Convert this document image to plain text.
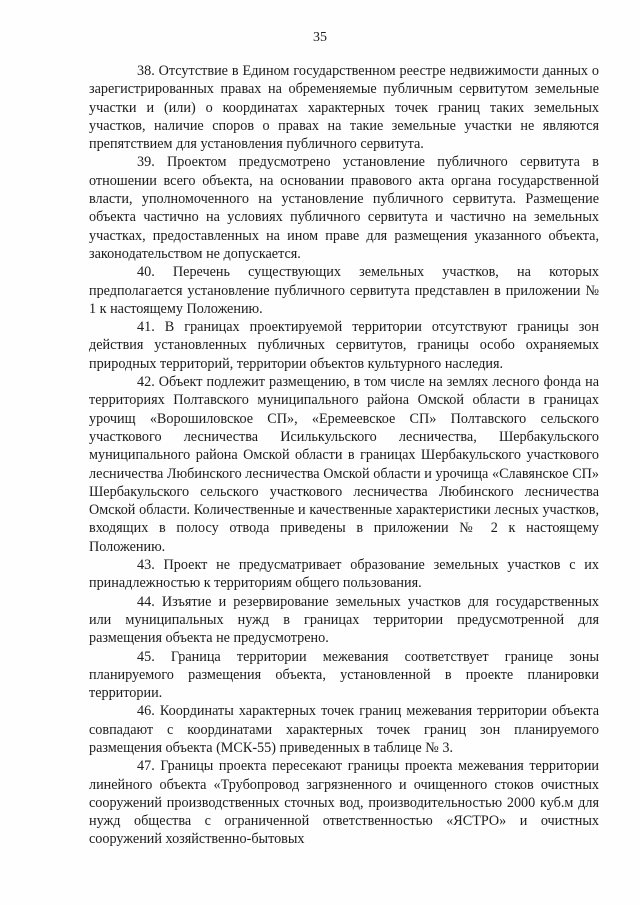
35

38. Отсутствие в Едином государственном реестре недвижимости данных о зарегистрированных правах на обременяемые публичным сервитутом земельные участки и (или) о координатах характерных точек границ таких земельных участков, наличие споров о правах на такие земельные участки не являются препятствием для установления публичного сервитута.

39. Проектом предусмотрено установление публичного сервитута в отношении всего объекта, на основании правового акта органа государственной власти, уполномоченного на установление публичного сервитута. Размещение объекта частично на условиях публичного сервитута и частично на земельных участках, предоставленных на ином праве для размещения указанного объекта, законодательством не допускается.

40. Перечень существующих земельных участков, на которых предполагается установление публичного сервитута представлен в приложении № 1 к настоящему Положению.

41. В границах проектируемой территории отсутствуют границы зон действия установленных публичных сервитутов, границы особо охраняемых природных территорий, территории объектов культурного наследия.

42. Объект подлежит размещению, в том числе на землях лесного фонда на территориях Полтавского муниципального района Омской области в границах урочищ «Ворошиловское СП», «Еремеевское СП» Полтавского сельского участкового лесничества Исилькульского лесничества, Шербакульского муниципального района Омской области в границах Шербакульского участкового лесничества Любинского лесничества Омской области и урочища «Славянское СП» Шербакульского сельского участкового лесничества Любинского лесничества Омской области. Количественные и качественные характеристики лесных участков, входящих в полосу отвода приведены в приложении № 2 к настоящему Положению.

43. Проект не предусматривает образование земельных участков с их принадлежностью к территориям общего пользования.

44. Изъятие и резервирование земельных участков для государственных или муниципальных нужд в границах территории предусмотренной для размещения объекта не предусмотрено.

45. Граница территории межевания соответствует границе зоны планируемого размещения объекта, установленной в проекте планировки территории.

46. Координаты характерных точек границ межевания территории объекта совпадают с координатами характерных точек границ зон планируемого размещения объекта (МСК-55) приведенных в таблице № 3.

47. Границы проекта пересекают границы проекта межевания территории линейного объекта «Трубопровод загрязненного и очищенного стоков очистных сооружений производственных сточных вод, производительностью 2000 куб.м для нужд общества с ограниченной ответственностью «ЯСТРО» и очистных сооружений хозяйственно-бытовых
